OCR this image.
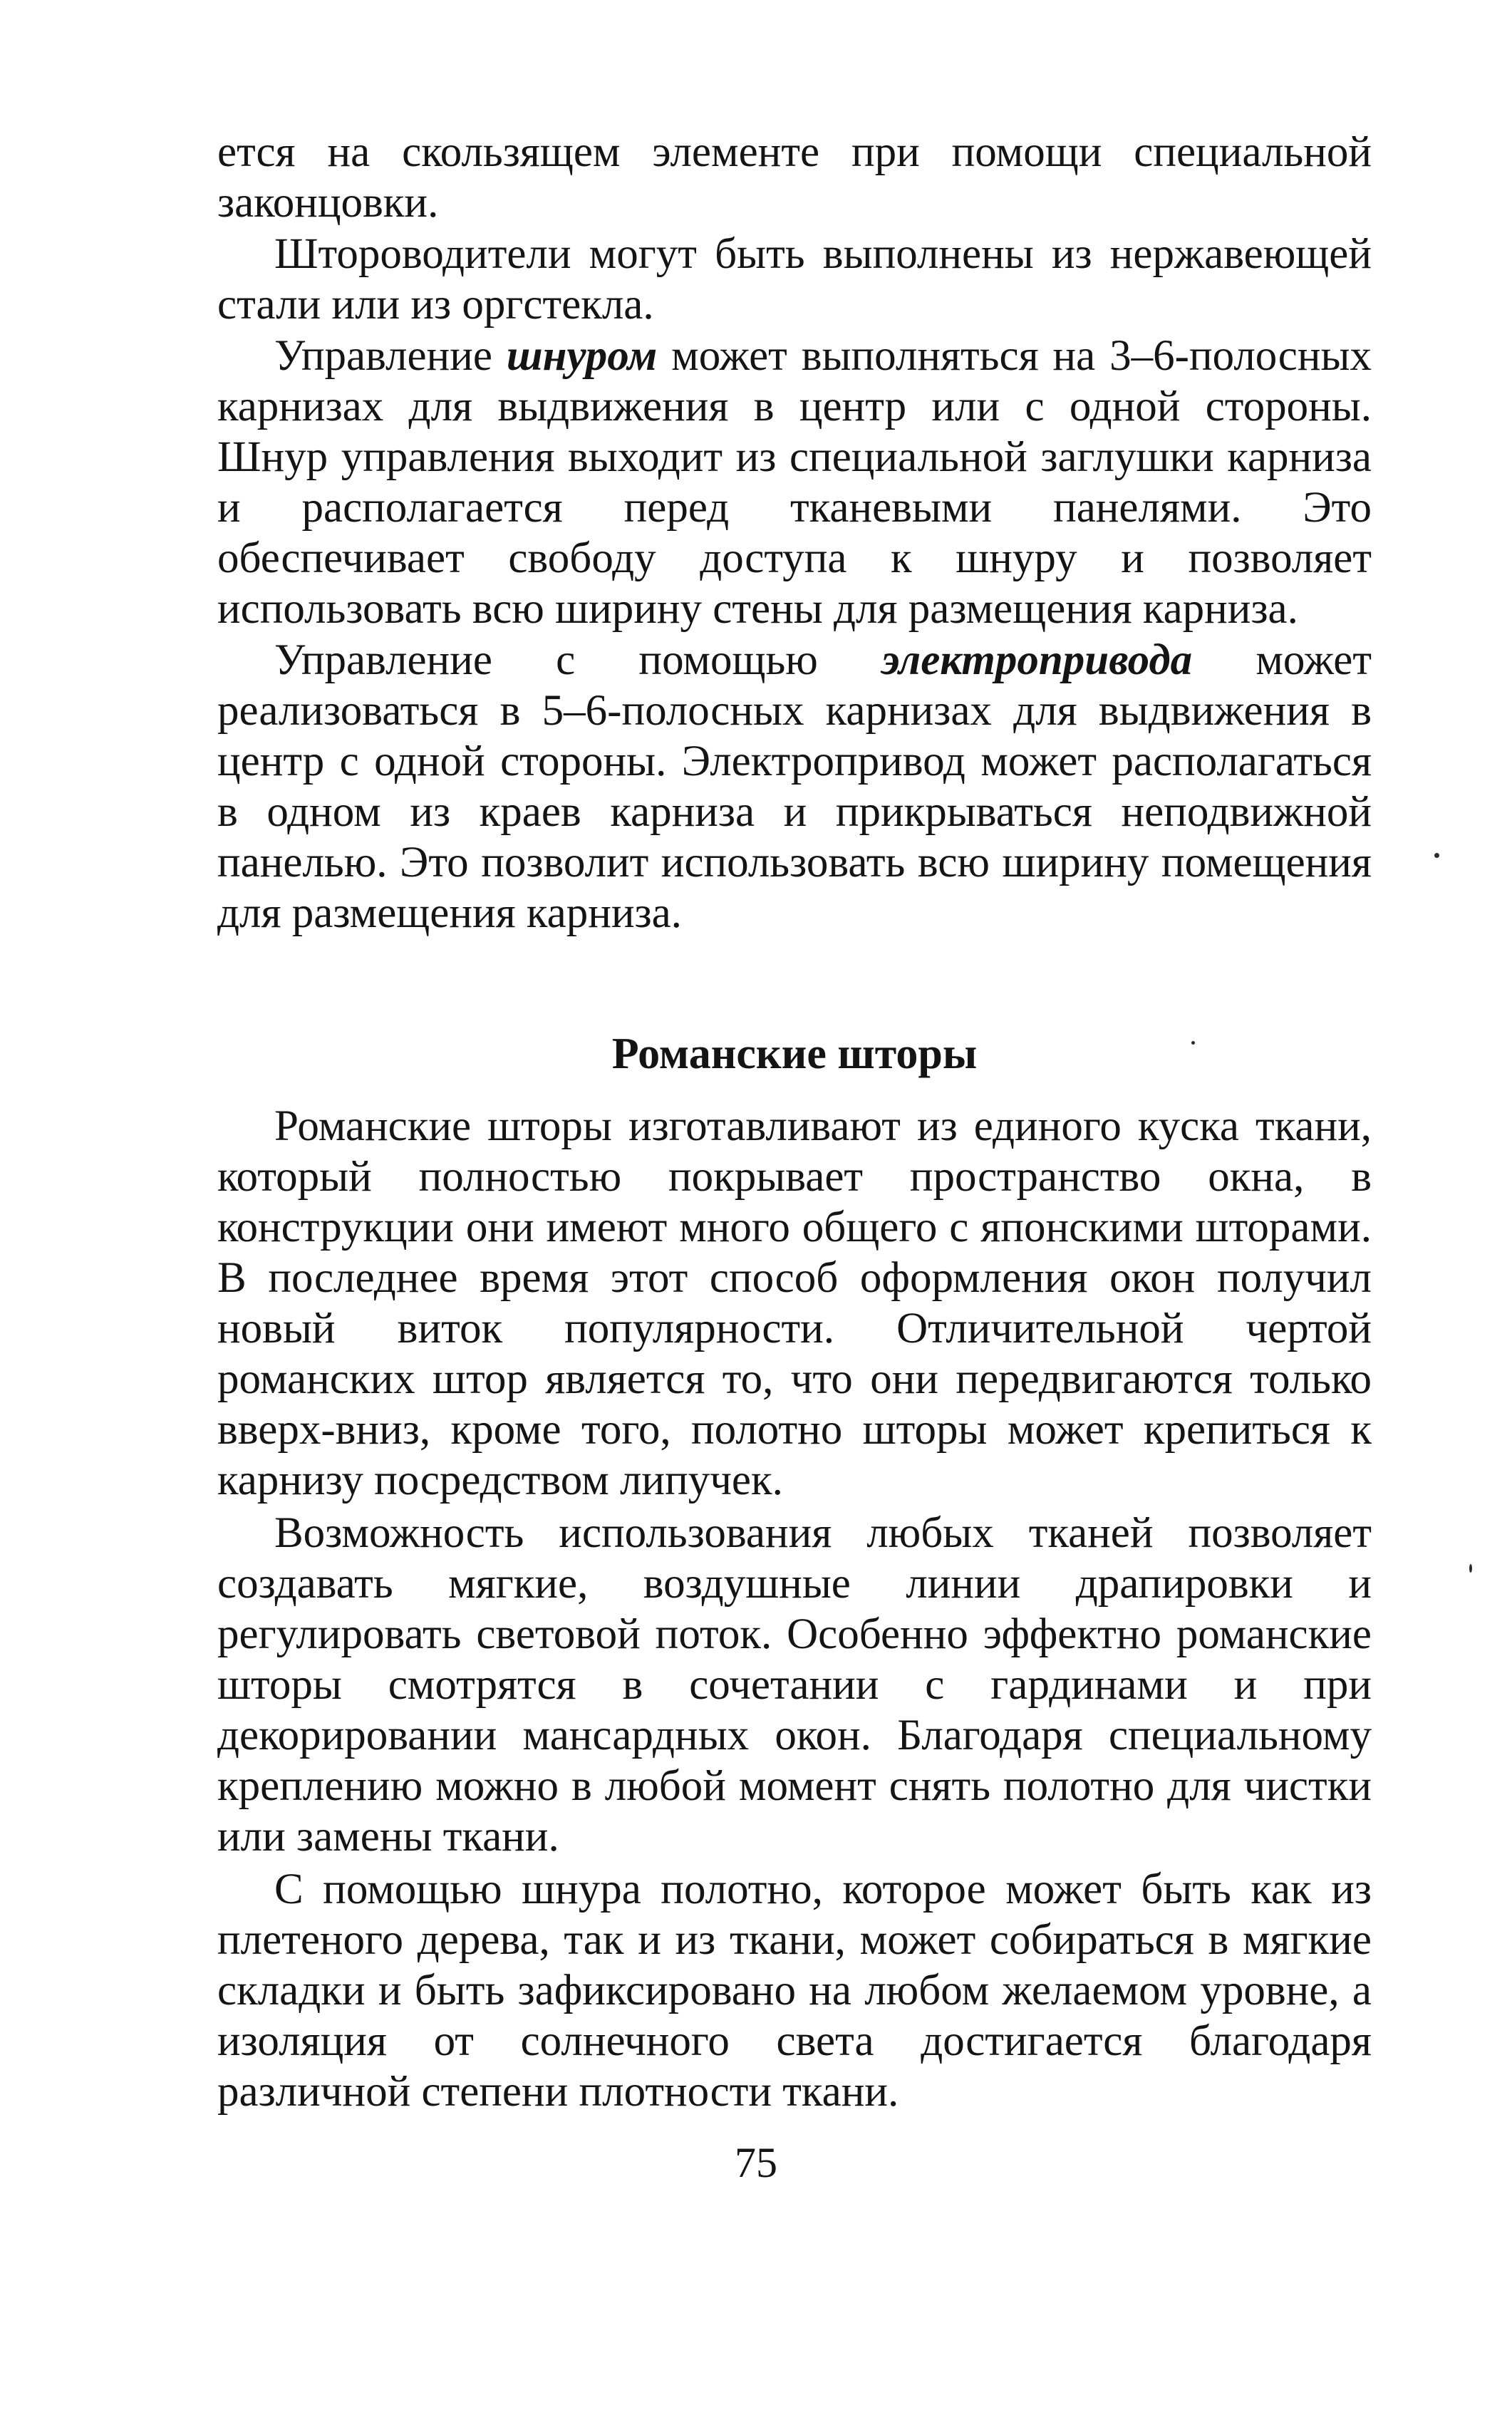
ется на скользящем элементе при помощи специальной законцовки.

Штороводители могут быть выполнены из нержавеющей стали или из оргстекла.

Управление шнуром может выполняться на 3–6-полосных карнизах для выдвижения в центр или с одной стороны. Шнур управления выходит из специальной заглушки карниза и располагается перед тканевыми панелями. Это обеспечивает свободу доступа к шнуру и позволяет использовать всю ширину стены для размещения карниза.

Управление с помощью электропривода может реализоваться в 5–6-полосных карнизах для выдвижения в центр с одной стороны. Электропривод может располагаться в одном из краев карниза и прикрываться неподвижной панелью. Это позволит использовать всю ширину помещения для размещения карниза.

Романские шторы

Романские шторы изготавливают из единого куска ткани, который полностью покрывает пространство окна, в конструкции они имеют много общего с японскими шторами. В последнее время этот способ оформления окон получил новый виток популярности. Отличительной чертой романских штор является то, что они передвигаются только вверх-вниз, кроме того, полотно шторы может крепиться к карнизу посредством липучек.

Возможность использования любых тканей позволяет создавать мягкие, воздушные линии драпировки и регулировать световой поток. Особенно эффектно романские шторы смотрятся в сочетании с гардинами и при декорировании мансардных окон. Благодаря специальному креплению можно в любой момент снять полотно для чистки или замены ткани.

С помощью шнура полотно, которое может быть как из плетеного дерева, так и из ткани, может собираться в мягкие складки и быть зафиксировано на любом желаемом уровне, а изоляция от солнечного света достигается благодаря различной степени плотности ткани.

75
